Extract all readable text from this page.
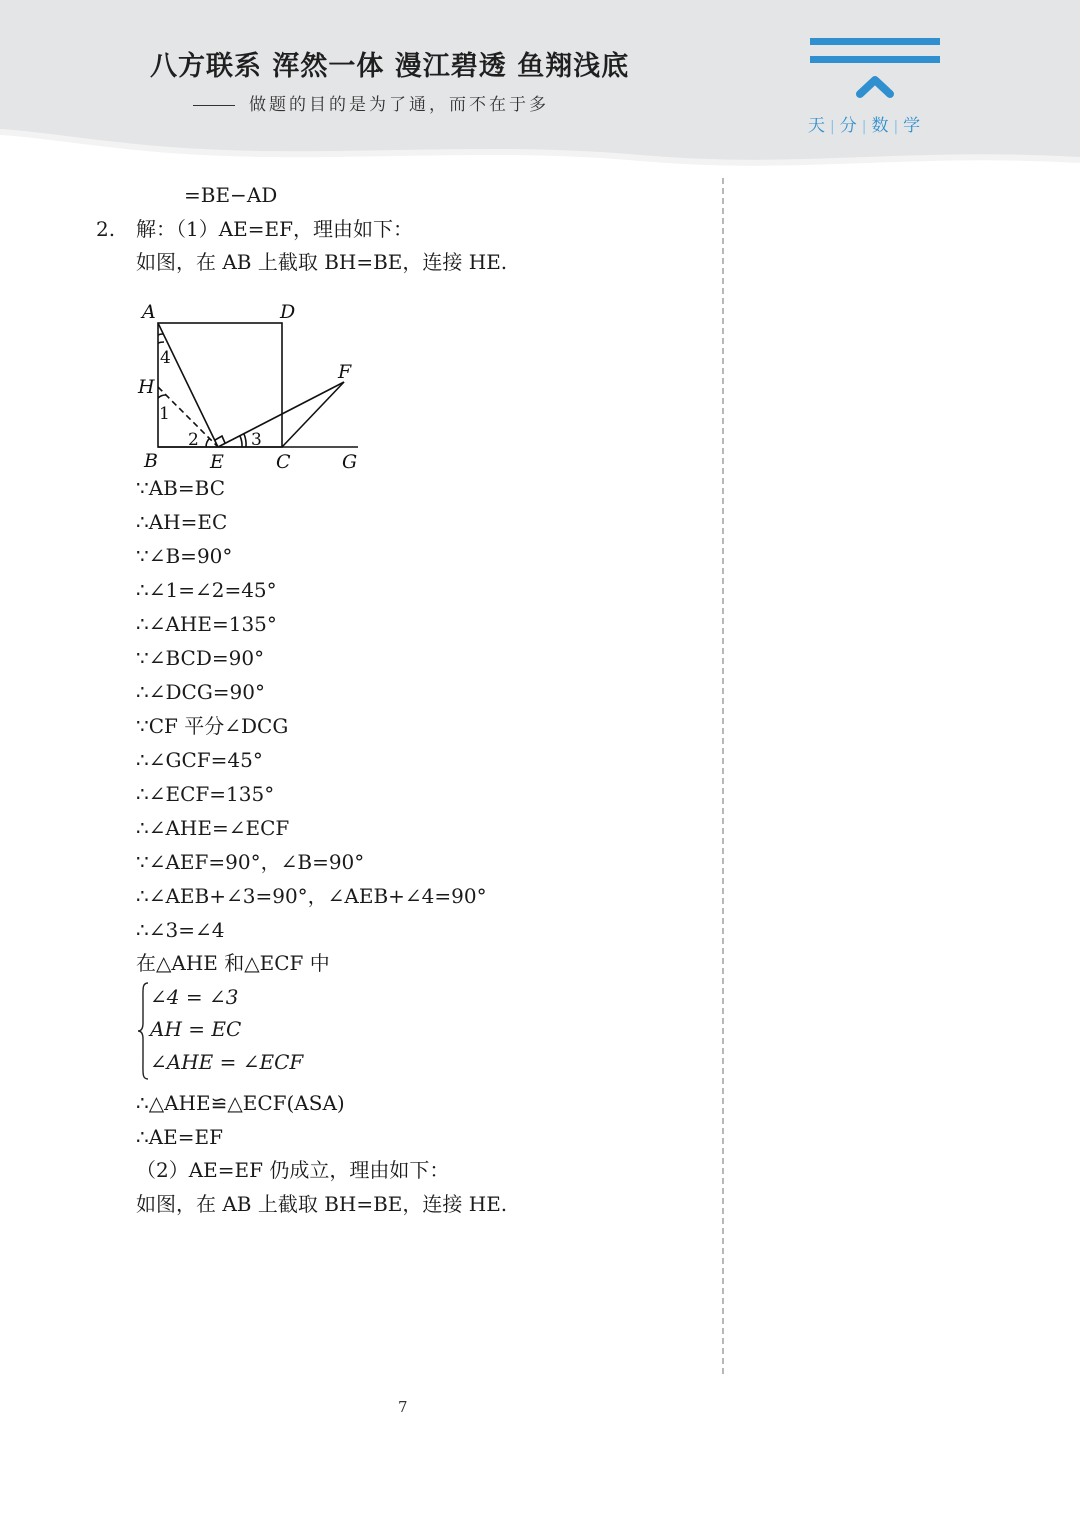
八方联系 浑然一体 漫江碧透 鱼翔浅底
做题的目的是为了通，而不在于多
天 | 分 | 数 | 学
=BE−AD
2. 解：（1）AE=EF，理由如下：
如图，在 AB 上截取 BH=BE，连接 HE.
A	D
H
F
B	E	C	G
4
1
2	3
∵AB=BC
∴AH=EC
∵∠B=90°
∴∠1=∠2=45°
∴∠AHE=135°
∵∠BCD=90°
∴∠DCG=90°
∵CF 平分∠DCG
∴∠GCF=45°
∴∠ECF=135°
∴∠AHE=∠ECF
∵∠AEF=90°，∠B=90°
∴∠AEB+∠3=90°，∠AEB+∠4=90°
∴∠3=∠4
在△AHE 和△ECF 中
∠4 = ∠3
AH = EC
∠AHE = ∠ECF
∴△AHE≌△ECF(ASA)
∴AE=EF
（2）AE=EF 仍成立，理由如下：
如图，在 AB 上截取 BH=BE，连接 HE.
7
